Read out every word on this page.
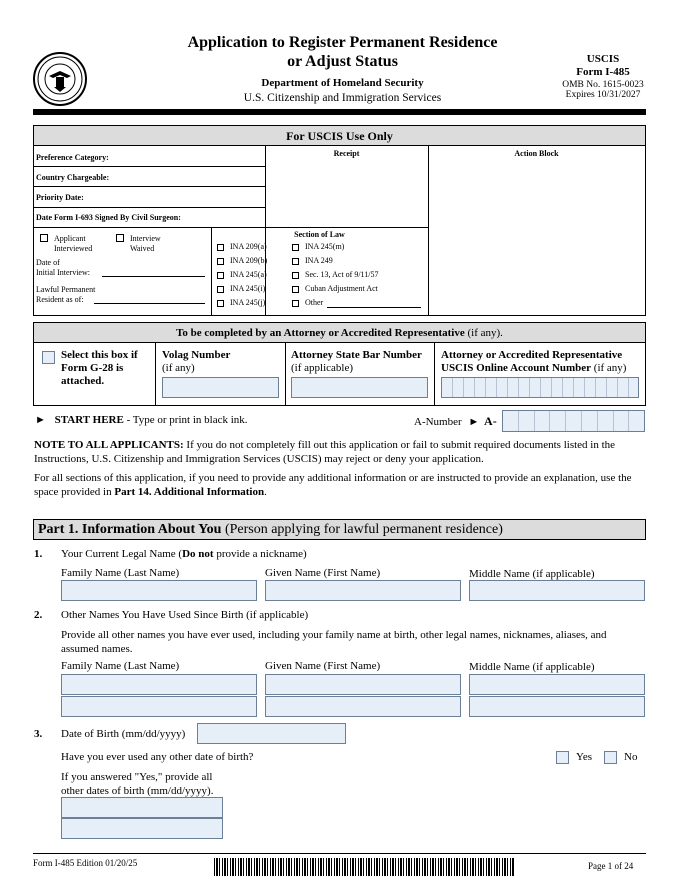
Application to Register Permanent Residence
or Adjust Status
Department of Homeland Security
U.S. Citizenship and Immigration Services
USCIS
Form I-485
OMB No. 1615-0023
Expires 10/31/2027
For USCIS Use Only
Receipt	Action Block
Preference Category:
Country Chargeable:
Priority Date:
Date Form I-693 Signed By Civil Surgeon:
Applicant
Interviewed
Interview
Waived
Date of
Initial Interview:
Lawful Permanent
Resident as of:
Section of Law
INA 209(a)
INA 209(b)
INA 245(a)
INA 245(i)
INA 245(j)
INA 245(m)
INA 249
Sec. 13, Act of 9/11/57
Cuban Adjustment Act
Other
To be completed by an Attorney or Accredited Representative (if any).
Select this box if
Form G-28 is
attached.
Volag Number
(if any)
Attorney State Bar Number
(if applicable)
Attorney or Accredited Representative
USCIS Online Account Number (if any)
► START HERE - Type or print in black ink.	A-Number ► A-
NOTE TO ALL APPLICANTS: If you do not completely fill out this application or fail to submit required documents listed in the Instructions, U.S. Citizenship and Immigration Services (USCIS) may reject or deny your application.
For all sections of this application, if you need to provide any additional information or are instructed to provide an explanation, use the space provided in Part 14. Additional Information.
Part 1. Information About You (Person applying for lawful permanent residence)
1. Your Current Legal Name (Do not provide a nickname)
Family Name (Last Name)	Given Name (First Name)	Middle Name (if applicable)
2. Other Names You Have Used Since Birth (if applicable)
Provide all other names you have ever used, including your family name at birth, other legal names, nicknames, aliases, and assumed names.
Family Name (Last Name)	Given Name (First Name)	Middle Name (if applicable)
3. Date of Birth (mm/dd/yyyy)
Have you ever used any other date of birth?	Yes	No
If you answered "Yes," provide all
other dates of birth (mm/dd/yyyy).
Form I-485 Edition 01/20/25	Page 1 of 24
